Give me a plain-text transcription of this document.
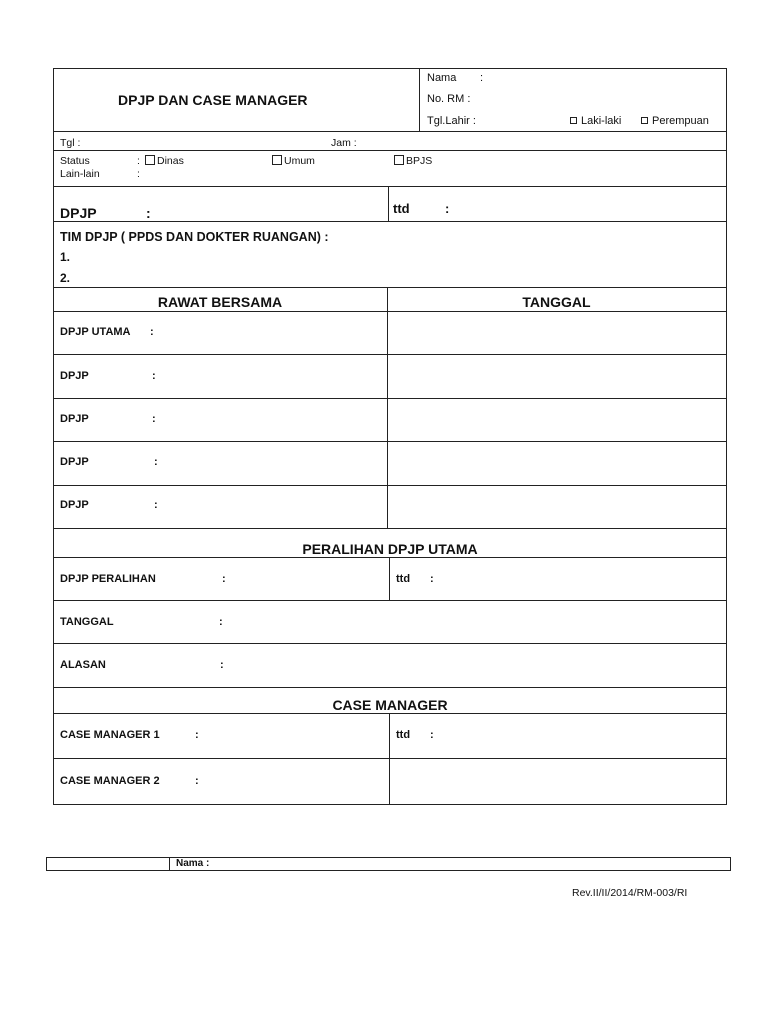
DPJP DAN CASE MANAGER
Nama :
No. RM :
Tgl.Lahir :	Laki-laki	Perempuan
Tgl :	Jam :
Status	:	Dinas	Umum	BPJS
Lain-lain	:
DPJP	:	ttd	:
TIM DPJP ( PPDS DAN DOKTER RUANGAN) :
1.
2.
RAWAT BERSAMA	TANGGAL
DPJP UTAMA :
DPJP	:
DPJP	:
DPJP	:
DPJP	:
PERALIHAN DPJP UTAMA
DPJP PERALIHAN	:	ttd :
TANGGAL	:
ALASAN	:
CASE MANAGER
CASE MANAGER 1	:	ttd :
CASE MANAGER 2	:
Nama :
Rev.II/II/2014/RM-003/RI
